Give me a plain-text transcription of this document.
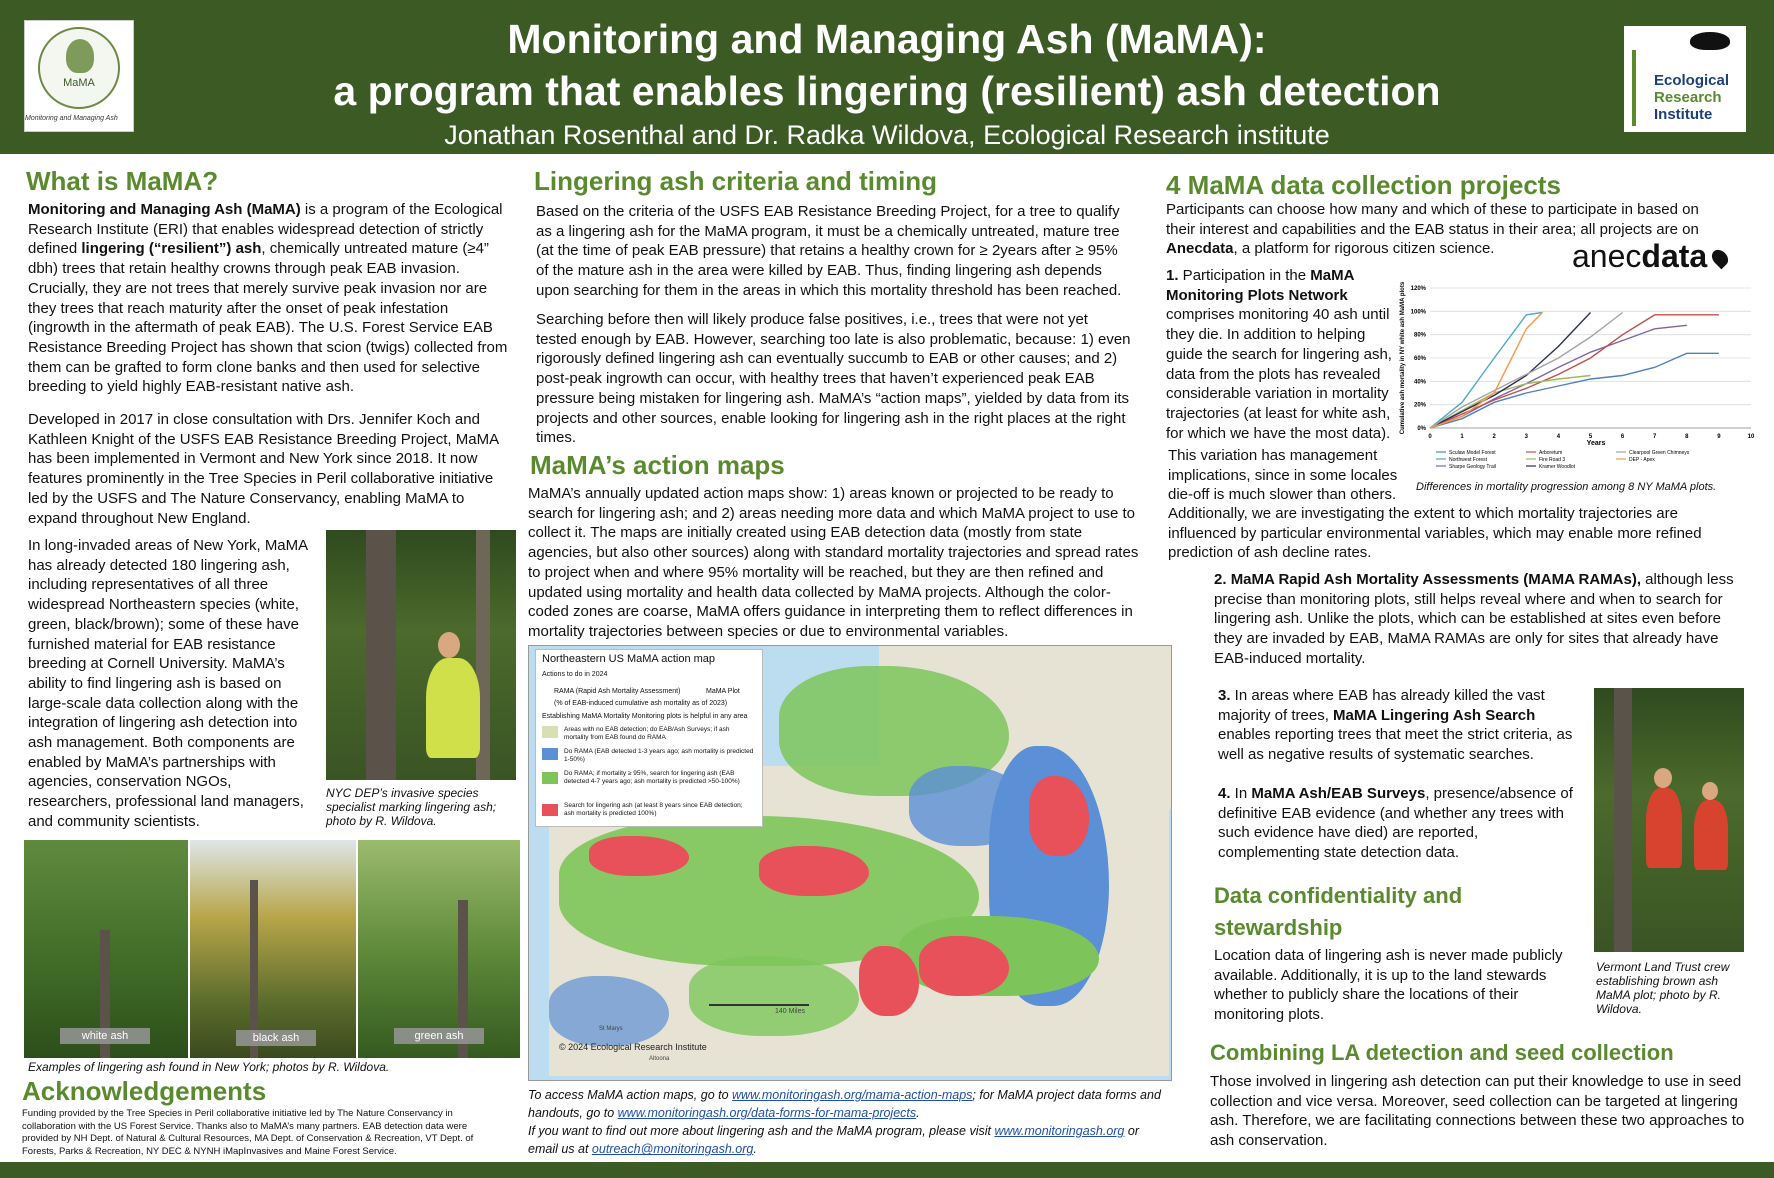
MaMA
Monitoring and Managing Ash
Ecological
Research
Institute
Monitoring and Managing Ash (MaMA):
a program that enables lingering (resilient) ash detection
Jonathan Rosenthal and Dr. Radka Wildova, Ecological Research institute
What is MaMA?

Monitoring and Managing Ash (MaMA) is a program of the Ecological Research Institute (ERI) that enables widespread detection of strictly defined lingering (“resilient”) ash, chemically untreated mature (≥4” dbh) trees that retain healthy crowns through peak EAB invasion. Crucially, they are not trees that merely survive peak invasion nor are they trees that reach maturity after the onset of peak infestation (ingrowth in the aftermath of peak EAB). The U.S. Forest Service EAB Resistance Breeding Project has shown that scion (twigs) collected from them can be grafted to form clone banks and then used for selective breeding to yield highly EAB-resistant native ash.

Developed in 2017 in close consultation with Drs. Jennifer Koch and Kathleen Knight of the USFS EAB Resistance Breeding Project, MaMA has been implemented in Vermont and New York since 2018. It now features prominently in the Tree Species in Peril collaborative initiative led by the USFS and The Nature Conservancy, enabling MaMA to expand throughout New England.

In long-invaded areas of New York, MaMA has already detected 180 lingering ash, including representatives of all three widespread Northeastern species (white, green, black/brown); some of these have furnished material for EAB resistance breeding at Cornell University. MaMA’s ability to find lingering ash is based on large-scale data collection along with the integration of lingering ash detection into ash management. Both components are enabled by MaMA’s partnerships with agencies, conservation NGOs, researchers, professional land managers, and community scientists.

NYC DEP’s invasive species specialist marking lingering ash; photo by R. Wildova.
white ash	black ash	green ash
Examples of lingering ash found in New York; photos by R. Wildova.
Acknowledgements

Funding provided by the Tree Species in Peril collaborative initiative led by The Nature Conservancy in collaboration with the US Forest Service. Thanks also to MaMA’s many partners. EAB detection data were provided by NH Dept. of Natural & Cultural Resources, MA Dept. of Conservation & Recreation, VT Dept. of Forests, Parks & Recreation, NY DEC & NYNH iMapInvasives and Maine Forest Service.

Lingering ash criteria and timing

Based on the criteria of the USFS EAB Resistance Breeding Project, for a tree to qualify as a lingering ash for the MaMA program, it must be a chemically untreated, mature tree (at the time of peak EAB pressure) that retains a healthy crown for ≥ 2years after ≥ 95% of the mature ash in the area were killed by EAB. Thus, finding lingering ash depends upon searching for them in the areas in which this mortality threshold has been reached.

Searching before then will likely produce false positives, i.e., trees that were not yet tested enough by EAB. However, searching too late is also problematic, because: 1) even rigorously defined lingering ash can eventually succumb to EAB or other causes; and 2) post-peak ingrowth can occur, with healthy trees that haven’t experienced peak EAB pressure being mistaken for lingering ash. MaMA’s “action maps”, yielded by data from its projects and other sources, enable looking for lingering ash in the right places at the right times.

MaMA’s action maps

MaMA’s annually updated action maps show: 1) areas known or projected to be ready to search for lingering ash; and 2) areas needing more data and which MaMA project to use to collect it. The maps are initially created using EAB detection data (mostly from state agencies, but also other sources) along with standard mortality trajectories and spread rates to project when and where 95% mortality will be reached, but they are then refined and updated using mortality and health data collected by MaMA projects. Although the color-coded zones are coarse, MaMA offers guidance in interpreting them to reflect differences in mortality trajectories between species or due to environmental variables.

St Marys
Altoona
Northeastern US MaMA action map
Actions to do in 2024
RAMA (Rapid Ash Mortality Assessment)	MaMA Plot
(% of EAB-induced cumulative ash mortality as of 2023)
Establishing MaMA Mortality Monitoring plots is helpful in any area
Areas with no EAB detection; do EAB/Ash Surveys; if ash mortality from EAB found do RAMA
Do RAMA (EAB detected 1-3 years ago; ash mortality is predicted 1-50%)
Do RAMA; if mortality ≥ 95%, search for lingering ash (EAB detected 4-7 years ago; ash mortality is predicted >50-100%)
Search for lingering ash (at least 8 years since EAB detection; ash mortality is predicted 100%)
140 Miles
© 2024 Ecological Research Institute
To access MaMA action maps, go to www.monitoringash.org/mama-action-maps; for MaMA project data forms and handouts, go to www.monitoringash.org/data-forms-for-mama-projects.
If you want to find out more about lingering ash and the MaMA program, please visit www.monitoringash.org or email us at outreach@monitoringash.org.
4 MaMA data collection projects

Participants can choose how many and which of these to participate in based on their interest and capabilities and the EAB status in their area; all projects are on Anecdata, a platform for rigorous citizen science.	anecdata

1. Participation in the MaMA Monitoring Plots Network comprises monitoring 40 ash until they die. In addition to helping guide the search for lingering ash, data from the plots has revealed considerable variation in mortality trajectories (at least for white ash, for which we have the most data).

This variation has management implications, since in some locales die-off is much slower than others.

Additionally, we are investigating the extent to which mortality trajectories are influenced by particular environmental variables, which may enable more refined prediction of ash decline rates.

0%
20%
40%
60%
80%
100%
120%
0	1	2	3	4	5	6	7	8	9	10
Sculaw Model Forest
Northwest Forest
Sharpe Geology Trail
Arboretum
Fire Road 3
Kramer Woodlot
Clearpool Green Chimneys
DEP - Apex
Years
Cumulative ash mortality in NY white ash MaMA plots
Differences in mortality progression among 8 NY MaMA plots.

2. MaMA Rapid Ash Mortality Assessments (MAMA RAMAs), although less precise than monitoring plots, still helps reveal where and when to search for lingering ash. Unlike the plots, which can be established at sites even before they are invaded by EAB, MaMA RAMAs are only for sites that already have EAB-induced mortality.

3. In areas where EAB has already killed the vast majority of trees, MaMA Lingering Ash Search enables reporting trees that meet the strict criteria, as well as negative results of systematic searches.

4. In MaMA Ash/EAB Surveys, presence/absence of definitive EAB evidence (and whether any trees with such evidence have died) are reported, complementing state detection data.

Vermont Land Trust crew establishing brown ash MaMA plot; photo by R. Wildova.
Data confidentiality and stewardship

Location data of lingering ash is never made publicly available. Additionally, it is up to the land stewards whether to publicly share the locations of their monitoring plots.

Combining LA detection and seed collection

Those involved in lingering ash detection can put their knowledge to use in seed collection and vice versa. Moreover, seed collection can be targeted at lingering ash. Therefore, we are facilitating connections between these two approaches to ash conservation.
